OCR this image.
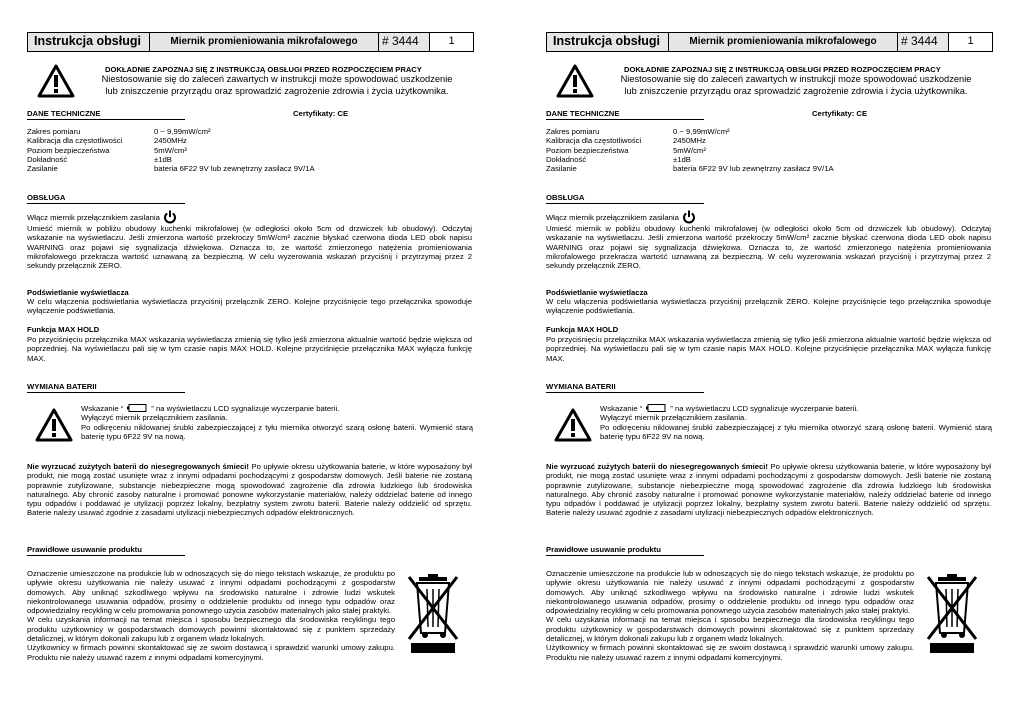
Instrukcja obsługi	Miernik promieniowania mikrofalowego	# 3444	1
DOKŁADNIE ZAPOZNAJ SIĘ Z INSTRUKCJĄ OBSŁUGI PRZED ROZPOCZĘCIEM PRACY
Niestosowanie się do zaleceń zawartych w instrukcji może spowodować uszkodzenie
lub zniszczenie przyrządu oraz sprowadzić zagrożenie zdrowia i życia użytkownika.
DANE TECHNICZNE	Certyfikaty: CE
Zakres pomiaru	0 ~ 9,99mW/cm²
Kalibracja dla częstotliwości	2450MHz
Poziom bezpieczeństwa	5mW/cm²
Dokładność	±1dB
Zasilanie	bateria 6F22 9V lub zewnętrzny zasilacz 9V/1A
OBSŁUGA
Włącz miernik przełącznikiem zasilania
Umieść miernik w pobliżu obudowy kuchenki mikrofalowej (w odległości około 5cm od drzwiczek lub obudowy). Odczytaj wskazanie na wyświetlaczu. Jeśli zmierzona wartość przekroczy 5mW/cm² zacznie błyskać czerwona dioda LED obok napisu WARNING oraz pojawi się sygnalizacja dźwiękowa. Oznacza to, że wartość zmierzonego natężenia promieniowania mikrofalowego przekracza wartość uznawaną za bezpieczną. W celu wyzerowania wskazań przyciśnij i przytrzymaj przez 2 sekundy przełącznik ZERO.
Podświetlanie wyświetlacza
W celu włączenia podświetlania wyświetlacza przyciśnij przełącznik ZERO. Kolejne przyciśnięcie tego przełącznika spowoduje wyłączenie podświetlania.
Funkcja MAX HOLD
Po przyciśnięciu przełącznika MAX wskazania wyświetlacza zmienią się tylko jeśli zmierzona aktualnie wartość będzie większa od poprzedniej. Na wyświetlaczu pali się w tym czasie napis MAX HOLD. Kolejne przyciśnięcie przełącznika MAX wyłącza funkcję MAX.
WYMIANA BATERII
Wskazanie “	” na wyświetlaczu LCD sygnalizuje wyczerpanie baterii.
Wyłączyć miernik przełącznikiem zasilania.
Po odkręceniu niklowanej śrubki zabezpieczającej z tyłu miernika otworzyć szarą osłonę baterii. Wymienić starą baterię typu 6F22 9V na nową.
Nie wyrzucać zużytych baterii do niesegregowanych śmieci! Po upływie okresu użytkowania baterie, w które wyposażony był produkt, nie mogą zostać usunięte wraz z innymi odpadami pochodzącymi z gospodarstw domowych. Jeśli baterie nie zostaną poprawnie zutylizowane, substancje niebezpieczne mogą spowodować zagrożenie dla zdrowia ludzkiego lub środowiska naturalnego. Aby chronić zasoby naturalne i promować ponowne wykorzystanie materiałów, należy oddzielać baterie od innego typu odpadów i poddawać je utylizacji poprzez lokalny, bezpłatny system zwrotu baterii. Baterie należy oddzielić od sprzętu. Baterie należy usuwać zgodnie z zasadami utylizacji niebezpiecznych odpadów elektronicznych.
Prawidłowe usuwanie produktu
Oznaczenie umieszczone na produkcie lub w odnoszących się do niego tekstach wskazuje, że produktu po upływie okresu użytkowania nie należy usuwać z innymi odpadami pochodzącymi z gospodarstw domowych. Aby uniknąć szkodliwego wpływu na środowisko naturalne i zdrowie ludzi wskutek niekontrolowanego usuwania odpadów, prosimy o oddzielenie produktu od innego typu odpadów oraz odpowiedzialny recykling w celu promowania ponownego użycia zasobów materialnych jako stałej praktyki.
W celu uzyskania informacji na temat miejsca i sposobu bezpiecznego dla środowiska recyklingu tego produktu użytkownicy w gospodarstwach domowych powinni skontaktować się z punktem sprzedaży detalicznej, w którym dokonali zakupu lub z organem władz lokalnych.
Użytkownicy w firmach powinni skontaktować się ze swoim dostawcą i sprawdzić warunki umowy zakupu. Produktu nie należy usuwać razem z innymi odpadami komercyjnymi.
Instrukcja obsługi	Miernik promieniowania mikrofalowego	# 3444	1
DOKŁADNIE ZAPOZNAJ SIĘ Z INSTRUKCJĄ OBSŁUGI PRZED ROZPOCZĘCIEM PRACY
Niestosowanie się do zaleceń zawartych w instrukcji może spowodować uszkodzenie
lub zniszczenie przyrządu oraz sprowadzić zagrożenie zdrowia i życia użytkownika.
DANE TECHNICZNE	Certyfikaty: CE
Zakres pomiaru	0 ~ 9,99mW/cm²
Kalibracja dla częstotliwości	2450MHz
Poziom bezpieczeństwa	5mW/cm²
Dokładność	±1dB
Zasilanie	bateria 6F22 9V lub zewnętrzny zasilacz 9V/1A
OBSŁUGA
Włącz miernik przełącznikiem zasilania
Umieść miernik w pobliżu obudowy kuchenki mikrofalowej (w odległości około 5cm od drzwiczek lub obudowy). Odczytaj wskazanie na wyświetlaczu. Jeśli zmierzona wartość przekroczy 5mW/cm² zacznie błyskać czerwona dioda LED obok napisu WARNING oraz pojawi się sygnalizacja dźwiękowa. Oznacza to, że wartość zmierzonego natężenia promieniowania mikrofalowego przekracza wartość uznawaną za bezpieczną. W celu wyzerowania wskazań przyciśnij i przytrzymaj przez 2 sekundy przełącznik ZERO.
Podświetlanie wyświetlacza
W celu włączenia podświetlania wyświetlacza przyciśnij przełącznik ZERO. Kolejne przyciśnięcie tego przełącznika spowoduje wyłączenie podświetlania.
Funkcja MAX HOLD
Po przyciśnięciu przełącznika MAX wskazania wyświetlacza zmienią się tylko jeśli zmierzona aktualnie wartość będzie większa od poprzedniej. Na wyświetlaczu pali się w tym czasie napis MAX HOLD. Kolejne przyciśnięcie przełącznika MAX wyłącza funkcję MAX.
WYMIANA BATERII
Wskazanie “	” na wyświetlaczu LCD sygnalizuje wyczerpanie baterii.
Wyłączyć miernik przełącznikiem zasilania.
Po odkręceniu niklowanej śrubki zabezpieczającej z tyłu miernika otworzyć szarą osłonę baterii. Wymienić starą baterię typu 6F22 9V na nową.
Nie wyrzucać zużytych baterii do niesegregowanych śmieci! Po upływie okresu użytkowania baterie, w które wyposażony był produkt, nie mogą zostać usunięte wraz z innymi odpadami pochodzącymi z gospodarstw domowych. Jeśli baterie nie zostaną poprawnie zutylizowane, substancje niebezpieczne mogą spowodować zagrożenie dla zdrowia ludzkiego lub środowiska naturalnego. Aby chronić zasoby naturalne i promować ponowne wykorzystanie materiałów, należy oddzielać baterie od innego typu odpadów i poddawać je utylizacji poprzez lokalny, bezpłatny system zwrotu baterii. Baterie należy oddzielić od sprzętu. Baterie należy usuwać zgodnie z zasadami utylizacji niebezpiecznych odpadów elektronicznych.
Prawidłowe usuwanie produktu
Oznaczenie umieszczone na produkcie lub w odnoszących się do niego tekstach wskazuje, że produktu po upływie okresu użytkowania nie należy usuwać z innymi odpadami pochodzącymi z gospodarstw domowych. Aby uniknąć szkodliwego wpływu na środowisko naturalne i zdrowie ludzi wskutek niekontrolowanego usuwania odpadów, prosimy o oddzielenie produktu od innego typu odpadów oraz odpowiedzialny recykling w celu promowania ponownego użycia zasobów materialnych jako stałej praktyki.
W celu uzyskania informacji na temat miejsca i sposobu bezpiecznego dla środowiska recyklingu tego produktu użytkownicy w gospodarstwach domowych powinni skontaktować się z punktem sprzedaży detalicznej, w którym dokonali zakupu lub z organem władz lokalnych.
Użytkownicy w firmach powinni skontaktować się ze swoim dostawcą i sprawdzić warunki umowy zakupu. Produktu nie należy usuwać razem z innymi odpadami komercyjnymi.
